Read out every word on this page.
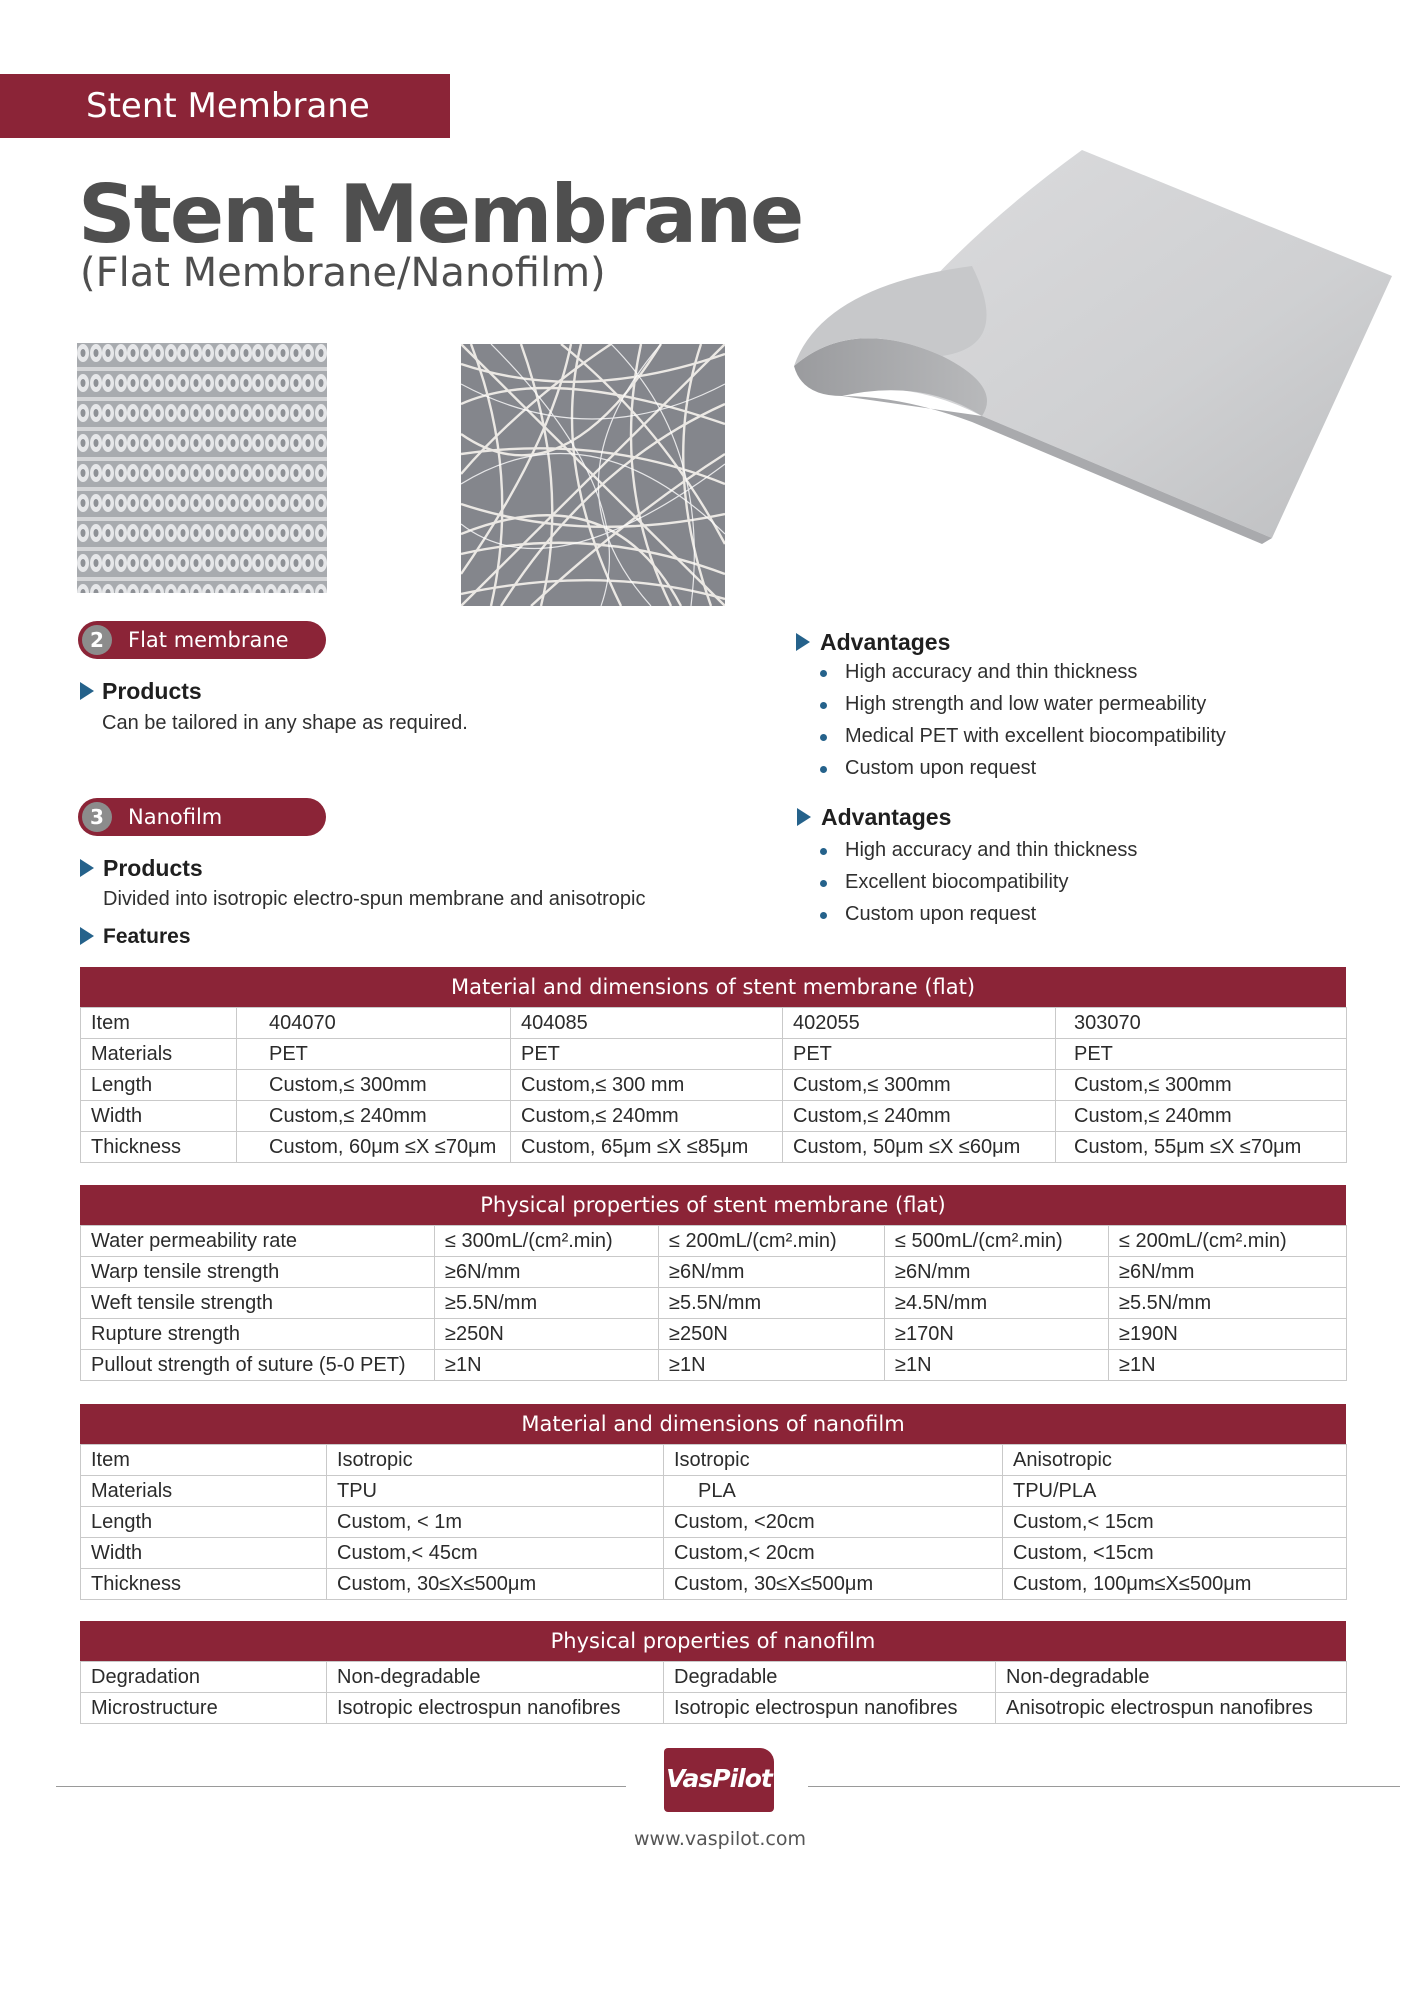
Stent Membrane
Stent Membrane
(Flat Membrane/Nanofilm)
2	Flat membrane
Products
Can be tailored in any shape as required.
Advantages
High accuracy and thin thickness
High strength and low water permeability
Medical PET with excellent biocompatibility
Custom upon request
3	Nanofilm
Products
Divided into isotropic electro-spun membrane and anisotropic
Features
Advantages
High accuracy and thin thickness
Excellent biocompatibility
Custom upon request
Material and dimensions of stent membrane (flat)
Item	404070	404085	402055	303070
Materials	PET	PET	PET	PET
Length	Custom,≤ 300mm	Custom,≤ 300 mm	Custom,≤ 300mm	Custom,≤ 300mm
Width	Custom,≤ 240mm	Custom,≤ 240mm	Custom,≤ 240mm	Custom,≤ 240mm
Thickness	Custom, 60μm ≤X ≤70μm	Custom, 65μm ≤X ≤85μm	Custom, 50μm ≤X ≤60μm	Custom, 55μm ≤X ≤70μm
Physical properties of stent membrane (flat)
Water permeability rate	≤ 300mL/(cm².min)	≤ 200mL/(cm².min)	≤ 500mL/(cm².min)	≤ 200mL/(cm².min)
Warp tensile strength	≥6N/mm	≥6N/mm	≥6N/mm	≥6N/mm
Weft tensile strength	≥5.5N/mm	≥5.5N/mm	≥4.5N/mm	≥5.5N/mm
Rupture strength	≥250N	≥250N	≥170N	≥190N
Pullout strength of suture (5-0 PET)	≥1N	≥1N	≥1N	≥1N
Material and dimensions of nanofilm
Item	Isotropic	Isotropic	Anisotropic
Materials	TPU	PLA	TPU/PLA
Length	Custom, < 1m	Custom, <20cm	Custom,< 15cm
Width	Custom,< 45cm	Custom,< 20cm	Custom, <15cm
Thickness	Custom, 30≤X≤500μm	Custom, 30≤X≤500μm	Custom, 100μm≤X≤500μm
Physical properties of nanofilm
Degradation	Non-degradable	Degradable	Non-degradable
Microstructure	Isotropic electrospun nanofibres	Isotropic electrospun nanofibres	Anisotropic electrospun nanofibres
VasPilot
www.vaspilot.com
